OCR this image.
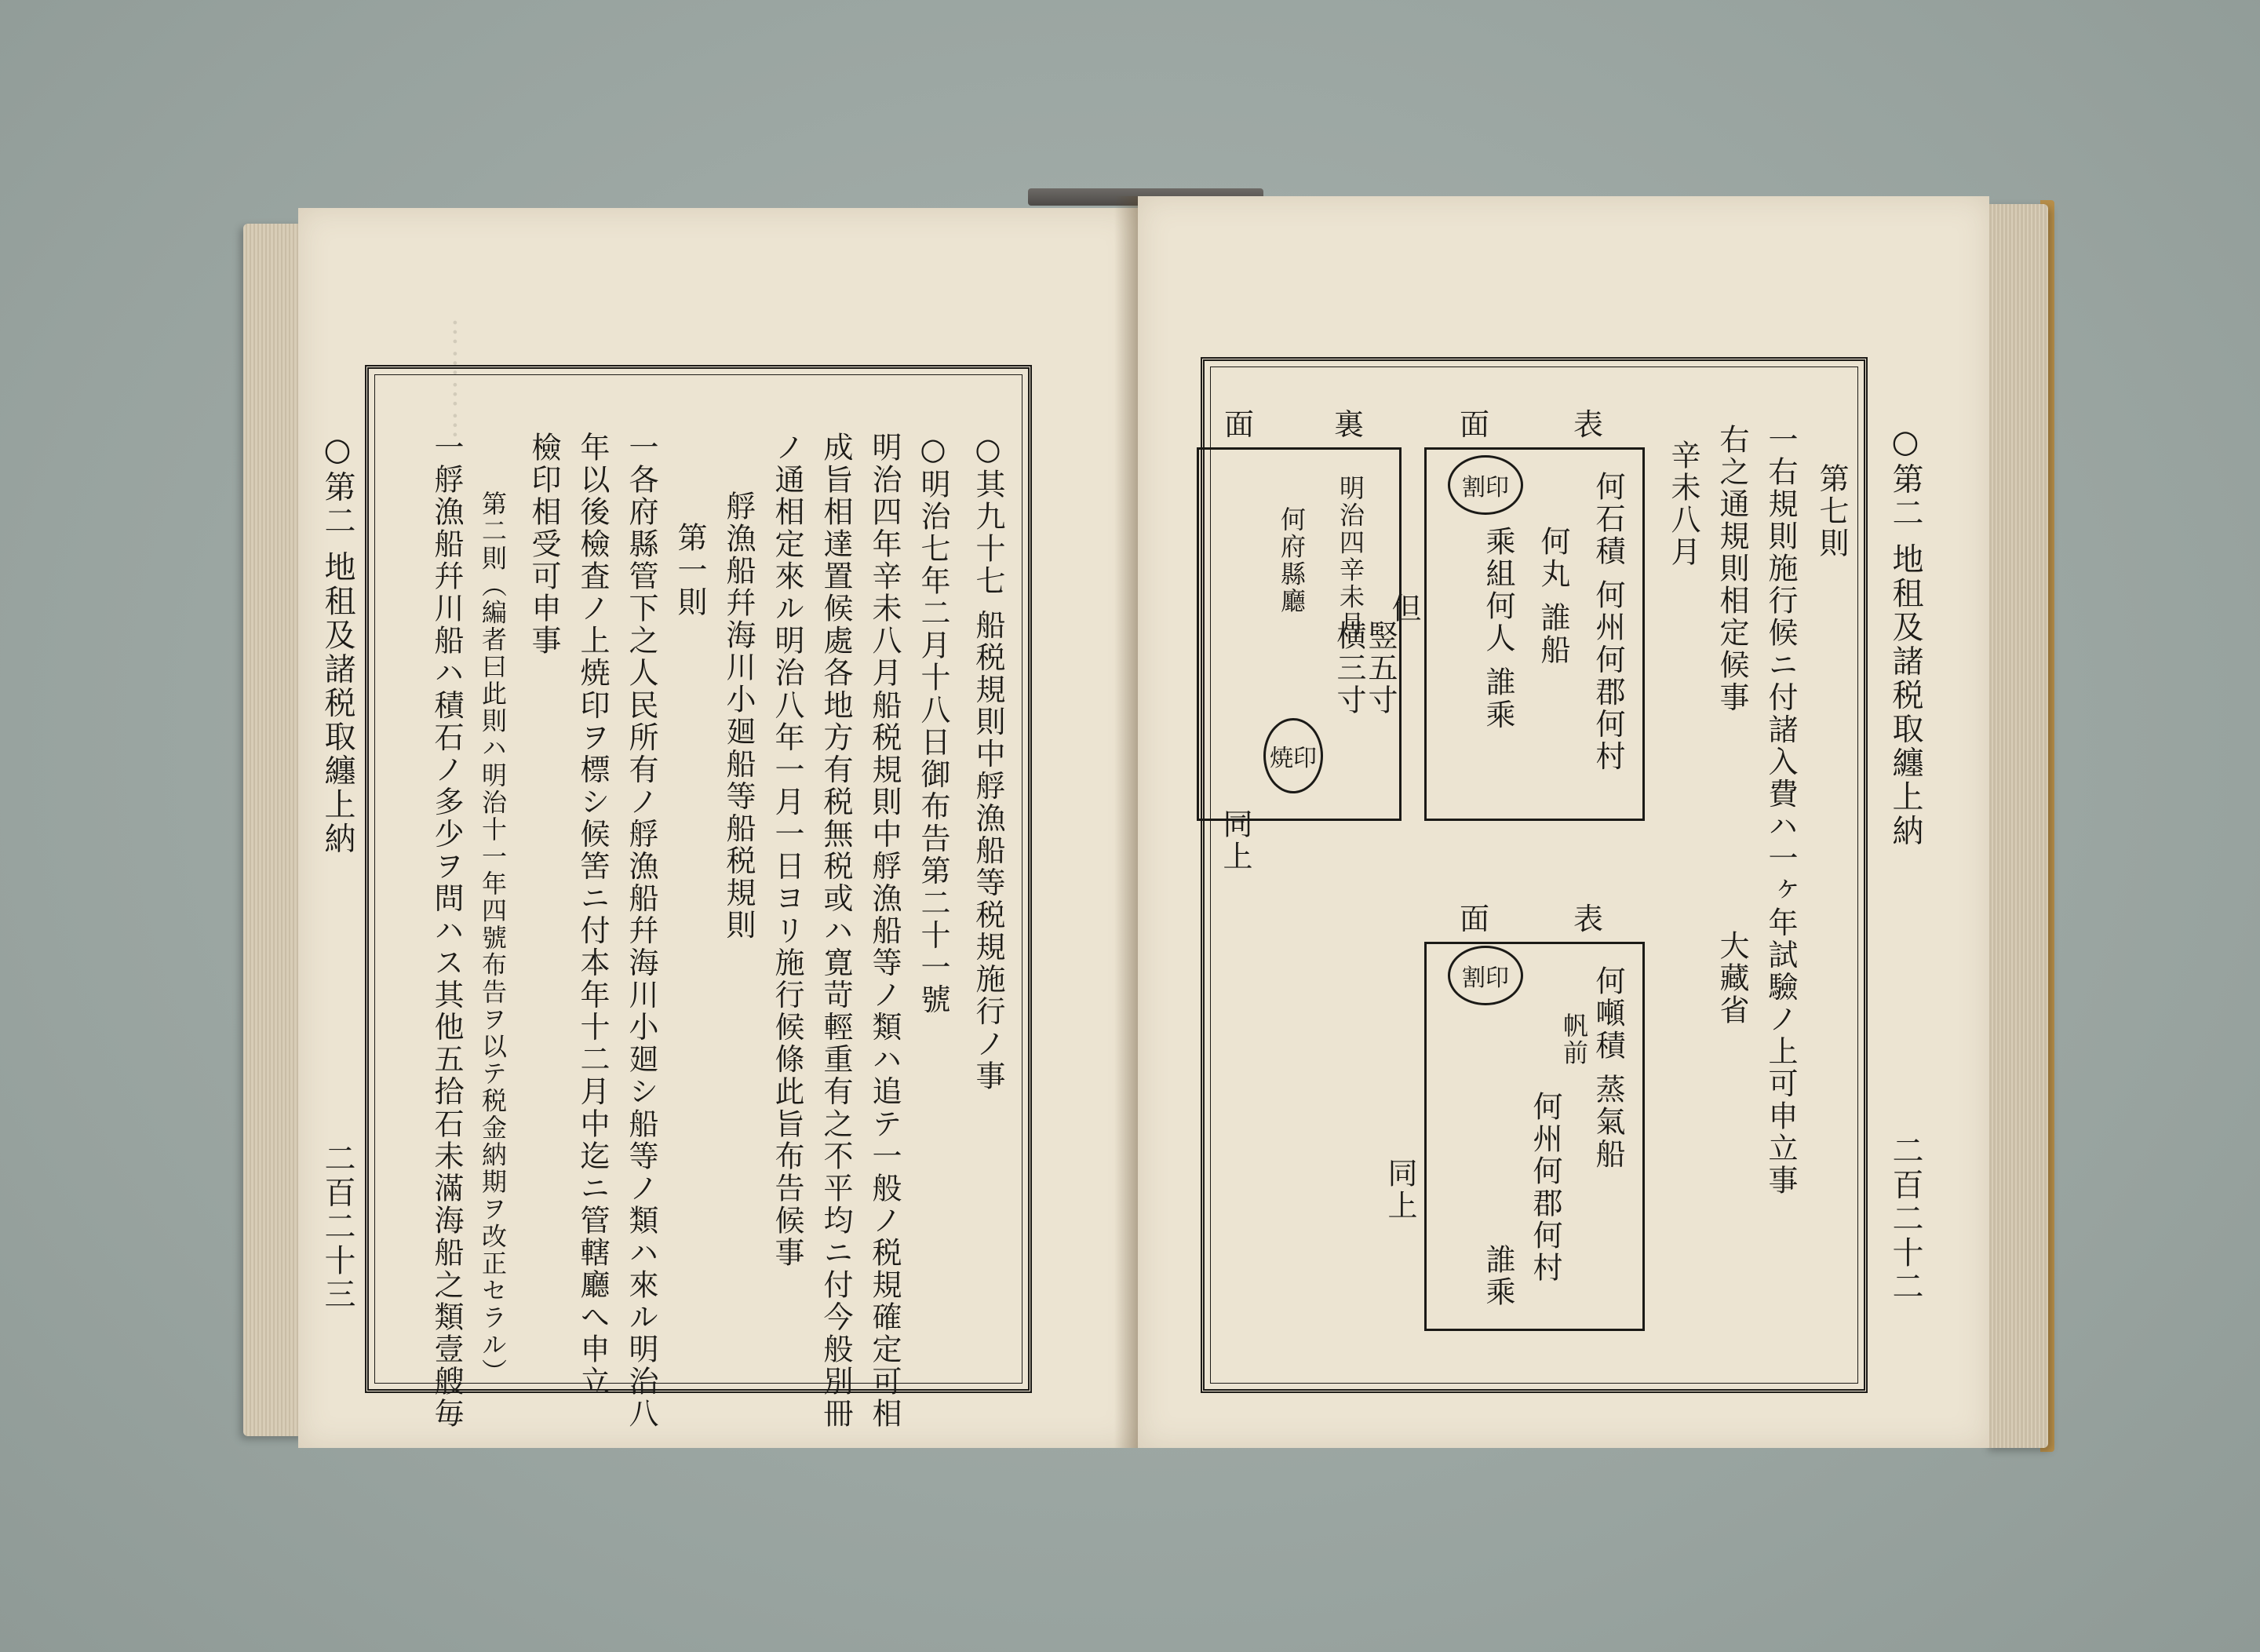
…………
○第二 地租及諸税取纏上納
二百二十三
○其九十七 船税規則中艀漁船等税規施行ノ事
○明治七年二月十八日御布告第二十一號
明治四年辛未八月船税規則中艀漁船等ノ類ハ追テ一般ノ税規確定可相
成旨相達置候處各地方有税無税或ハ寛苛輕重有之不平均ニ付今般別冊
ノ通相定來ル明治八年一月一日ヨリ施行候條此旨布告候事
艀漁船幷海川小廻船等船税規則
第一則
一各府縣管下之人民所有ノ艀漁船幷海川小廻シ船等ノ類ハ來ル明治八
年以後檢査ノ上焼印ヲ標シ候筈ニ付本年十二月中迄ニ管轄廳へ申立
檢印相受可申事
第二則（編者曰此則ハ明治十一年四號布告ヲ以テ税金納期ヲ改正セラル）
一艀漁船幷川船ハ積石ノ多少ヲ問ハス其他五拾石未滿海船之類壹艘毎	○第二 地租及諸税取纏上納
二百二十二
第七則
一右規則施行候ニ付諸入費ハ一ヶ年試驗ノ上可申立事
右之通規則相定候事
辛未八月
大藏省
表
面
割印	何石積 何州何郡何村
何丸 誰船
乘組何人 誰乘
但
竪五寸
横三寸
裏
面
明治四辛未月
何府縣廳
焼印
同上
表
面
割印	何噸積 蒸氣船
帆前
何州何郡何村
誰乘
同上
